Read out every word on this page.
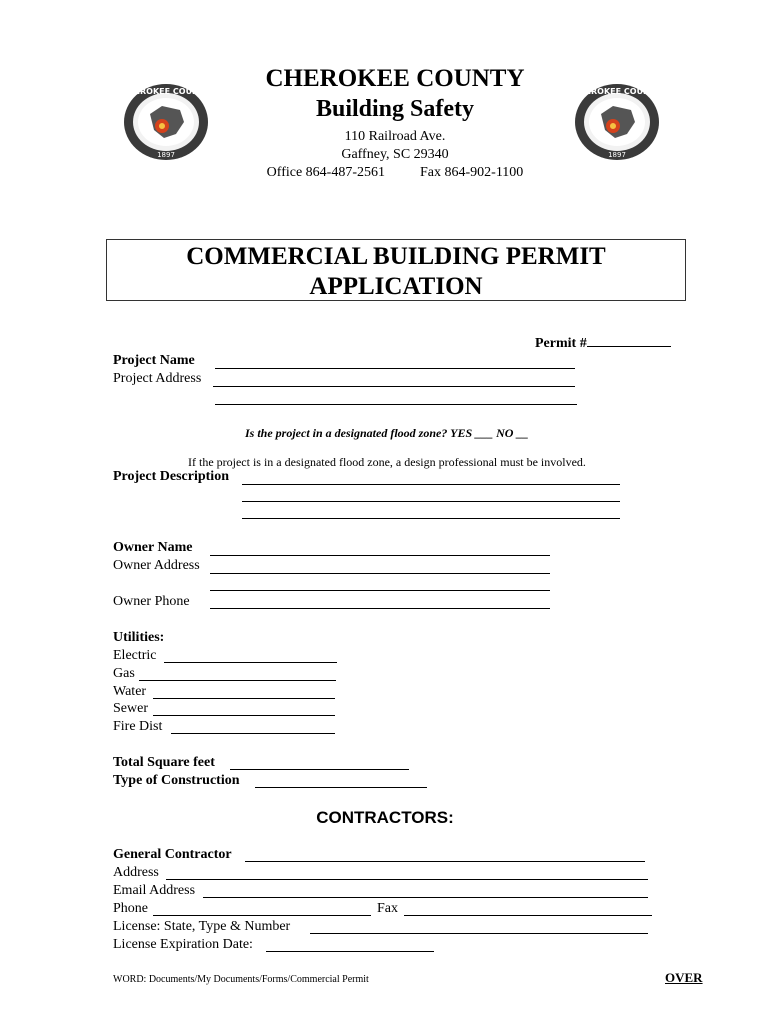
CHEROKEE COUNTY
1897
CHEROKEE COUNTY
1897
CHEROKEE COUNTY
Building Safety
110 Railroad Ave.
Gaffney, SC 29340
Office 864-487-2561	Fax 864-902-1100
COMMERCIAL BUILDING PERMIT
APPLICATION
Permit #
Project Name
Project Address
Is the project in a designated flood zone? YES ___ NO __
If the project is in a designated flood zone, a design professional must be involved.
Project Description
Owner Name
Owner Address
Owner Phone
Utilities:
Electric
Gas
Water
Sewer
Fire Dist
Total Square feet
Type of Construction
CONTRACTORS:
General Contractor
Address
Email Address
Phone	Fax
License: State, Type & Number
License Expiration Date:
WORD: Documents/My Documents/Forms/Commercial Permit	OVER
